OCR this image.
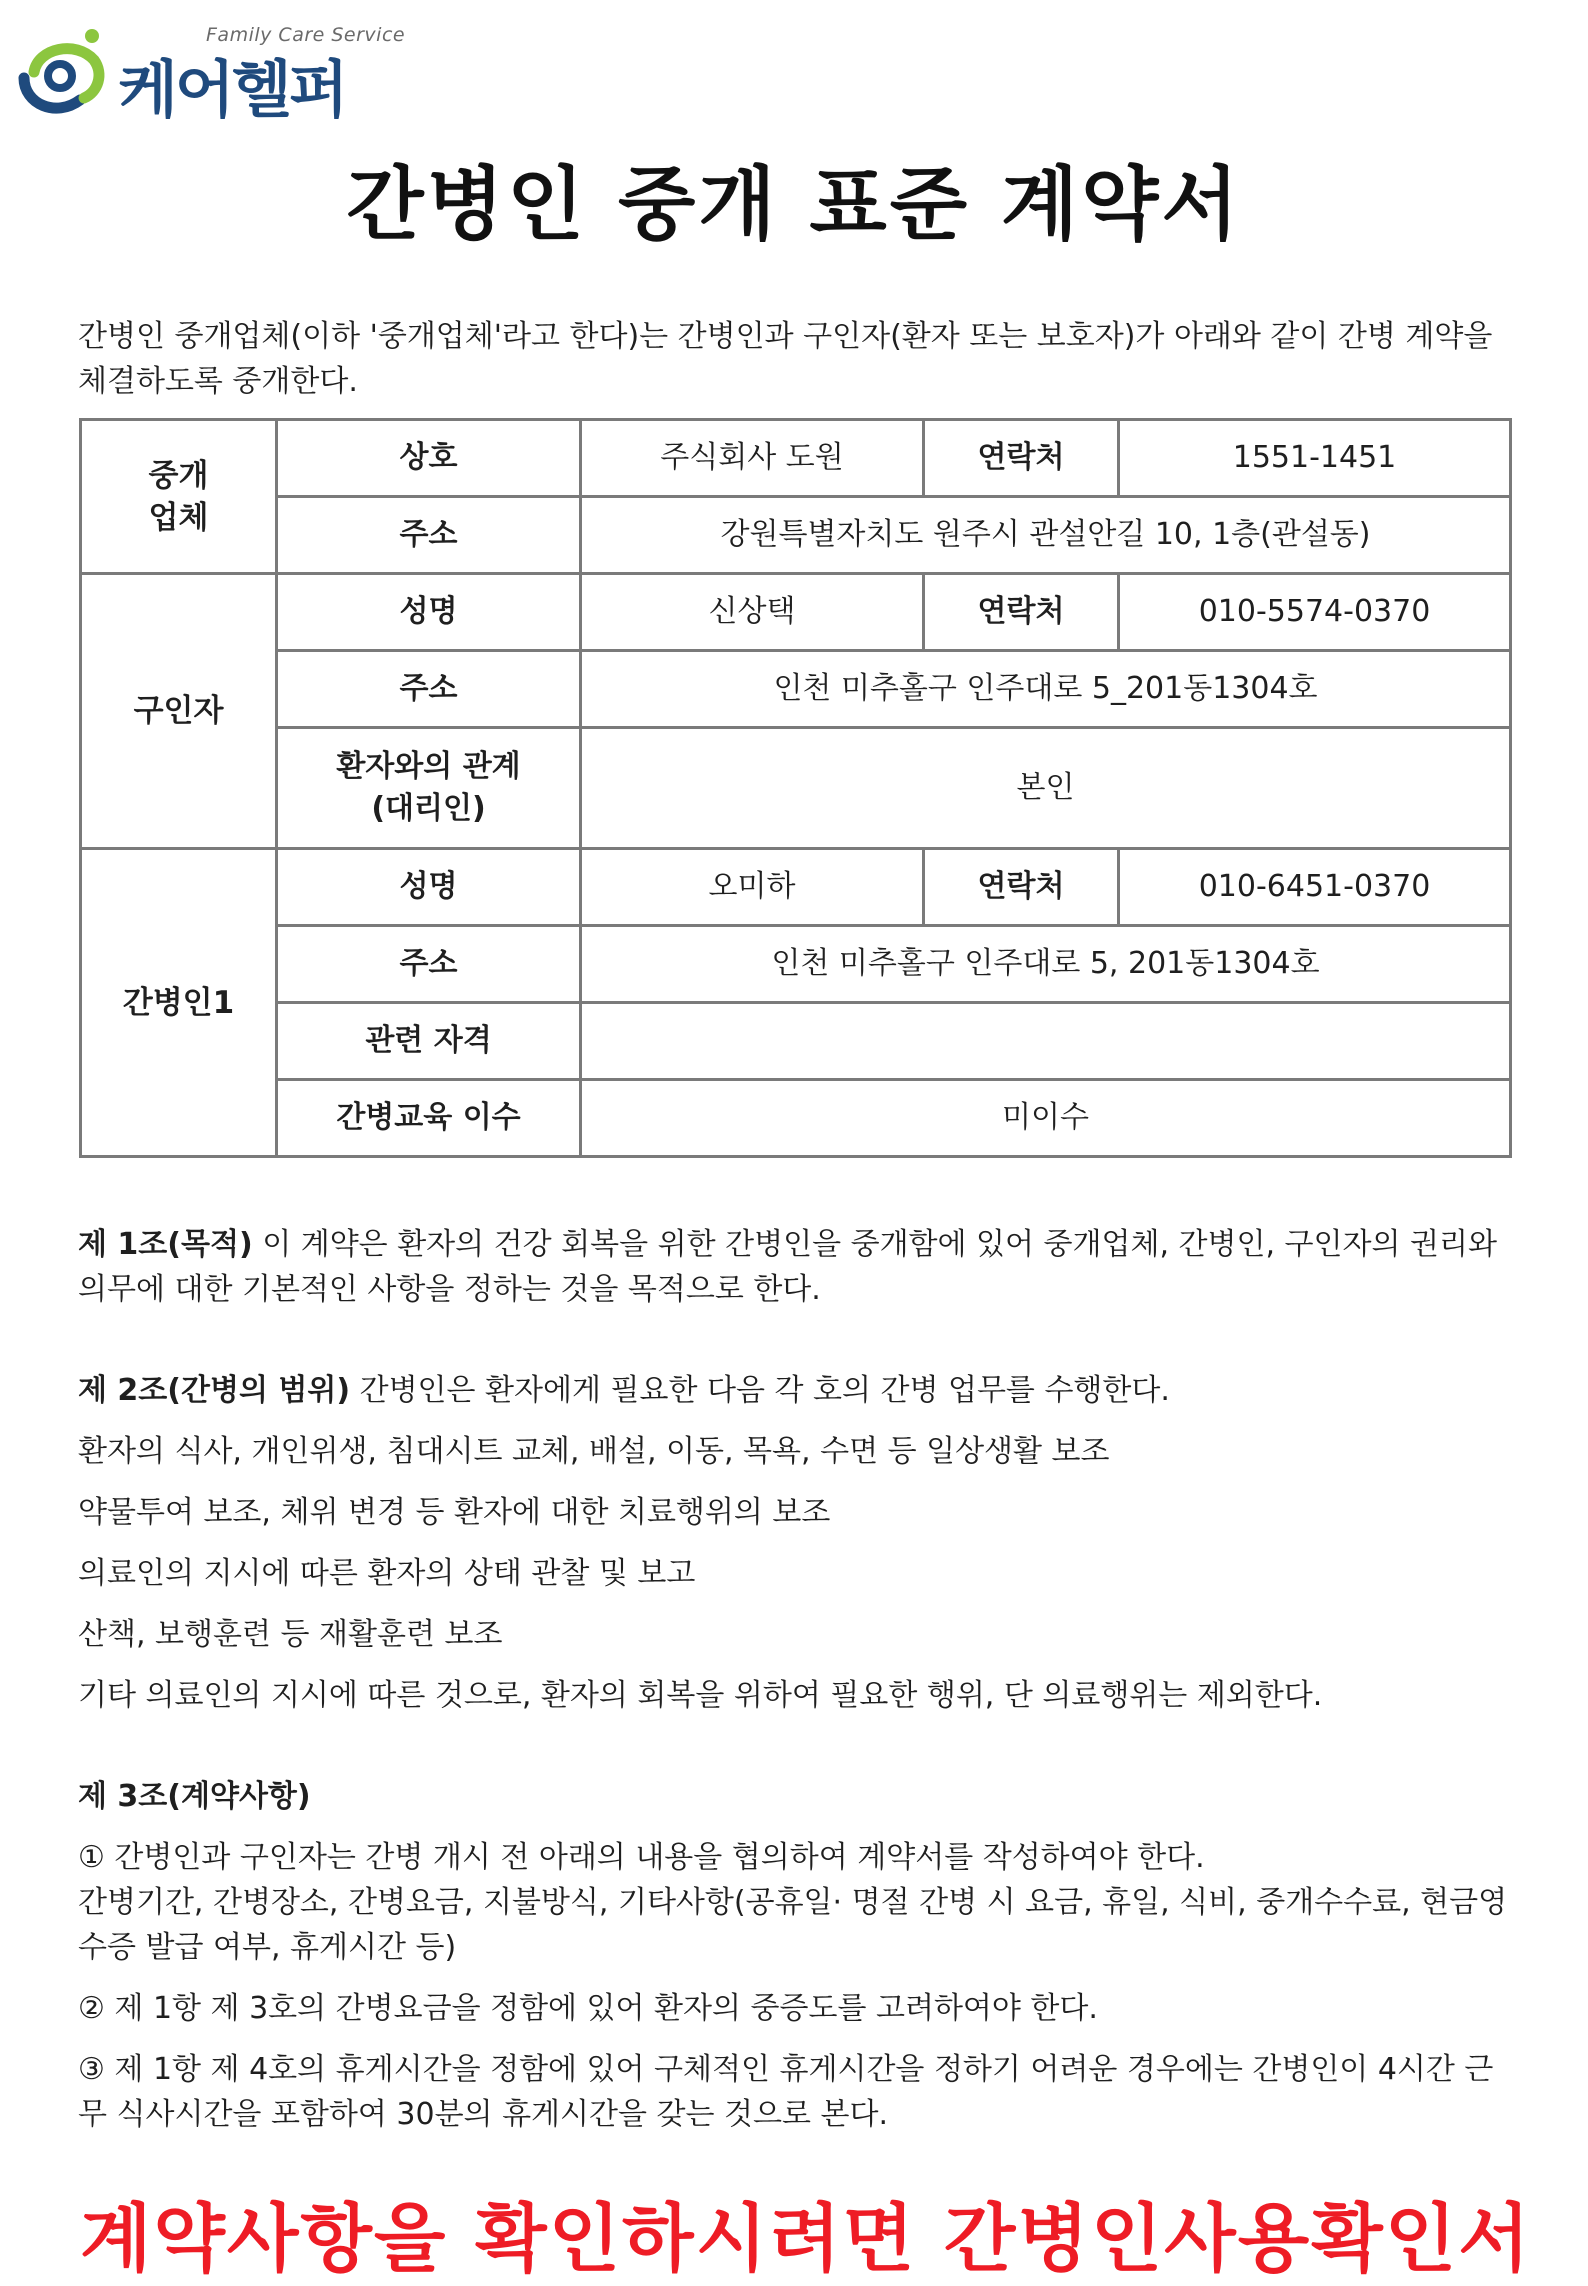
Family Care Service
케어헬퍼
간병인 중개 표준 계약서
간병인 중개업체(이하 '중개업체'라고 한다)는 간병인과 구인자(환자 또는 보호자)가 아래와 같이 간병 계약을 체결하도록 중개한다.
중개
업체	상호	주식회사 도원	연락처	1551-1451
	주소	강원특별자치도 원주시 관설안길 10, 1층(관설동)		
구인자	성명	신상택	연락처	010-5574-0370
	주소	인천 미추홀구 인주대로 5_201동1304호		
	환자와의 관계
(대리인)	본인		
간병인1	성명	오미하	연락처	010-6451-0370
	주소	인천 미추홀구 인주대로 5, 201동1304호		
	관련 자격			
	간병교육 이수	미이수		

제 1조(목적) 이 계약은 환자의 건강 회복을 위한 간병인을 중개함에 있어 중개업체, 간병인, 구인자의 권리와 의무에 대한 기본적인 사항을 정하는 것을 목적으로 한다.

제 2조(간병의 범위) 간병인은 환자에게 필요한 다음 각 호의 간병 업무를 수행한다.

환자의 식사, 개인위생, 침대시트 교체, 배설, 이동, 목욕, 수면 등 일상생활 보조

약물투여 보조, 체위 변경 등 환자에 대한 치료행위의 보조

의료인의 지시에 따른 환자의 상태 관찰 및 보고

산책, 보행훈련 등 재활훈련 보조

기타 의료인의 지시에 따른 것으로, 환자의 회복을 위하여 필요한 행위, 단 의료행위는 제외한다.

제 3조(계약사항)

① 간병인과 구인자는 간병 개시 전 아래의 내용을 협의하여 계약서를 작성하여야 한다.

간병기간, 간병장소, 간병요금, 지불방식, 기타사항(공휴일· 명절 간병 시 요금, 휴일, 식비, 중개수수료, 현금영수증 발급 여부, 휴게시간 등)

② 제 1항 제 3호의 간병요금을 정함에 있어 환자의 중증도를 고려하여야 한다.

③ 제 1항 제 4호의 휴게시간을 정함에 있어 구체적인 휴게시간을 정하기 어려운 경우에는 간병인이 4시간 근무 식사시간을 포함하여 30분의 휴게시간을 갖는 것으로 본다.

계약사항을 확인하시려면 간병인사용확인서
